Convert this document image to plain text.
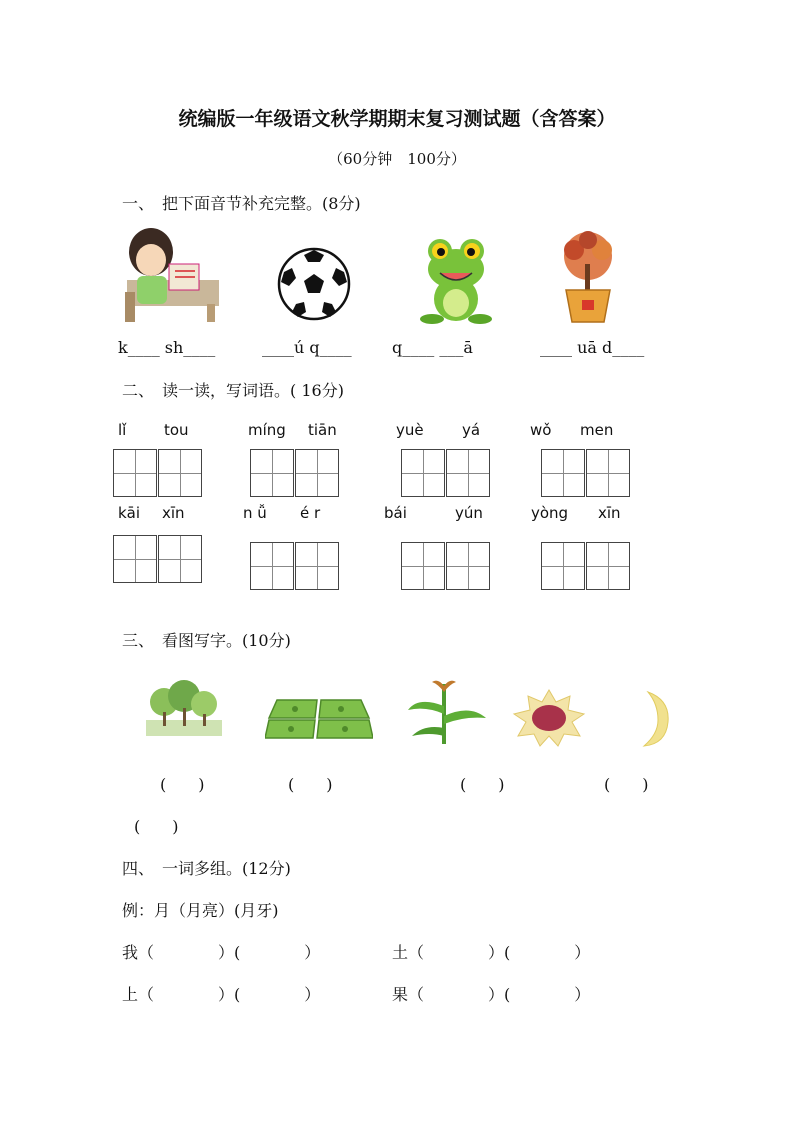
统编版一年级语文秋学期期末复习测试题（含答案）
（60分钟　100分）
一、　把下面音节补充完整。(8分)
k____ sh____	____ú q____	q____ ___ā	____ uā d____
二、　读一读，写词语。( 16分)
lǐ	tou	míng tiān	yuè	yá	wǒ men
kāi xīn	n ǚ é r	bái	yún	yòng xīn
三、　看图写字。(10分)
(　　)	(　　)	(　　)	(　　)
(　　)
四、　一词多组。(12分)
例：月（月亮）(月牙)
我（　　　　）(　　　　）	土（　　　　）(　　　　）
上（　　　　）(　　　　）	果（　　　　）(　　　　）
